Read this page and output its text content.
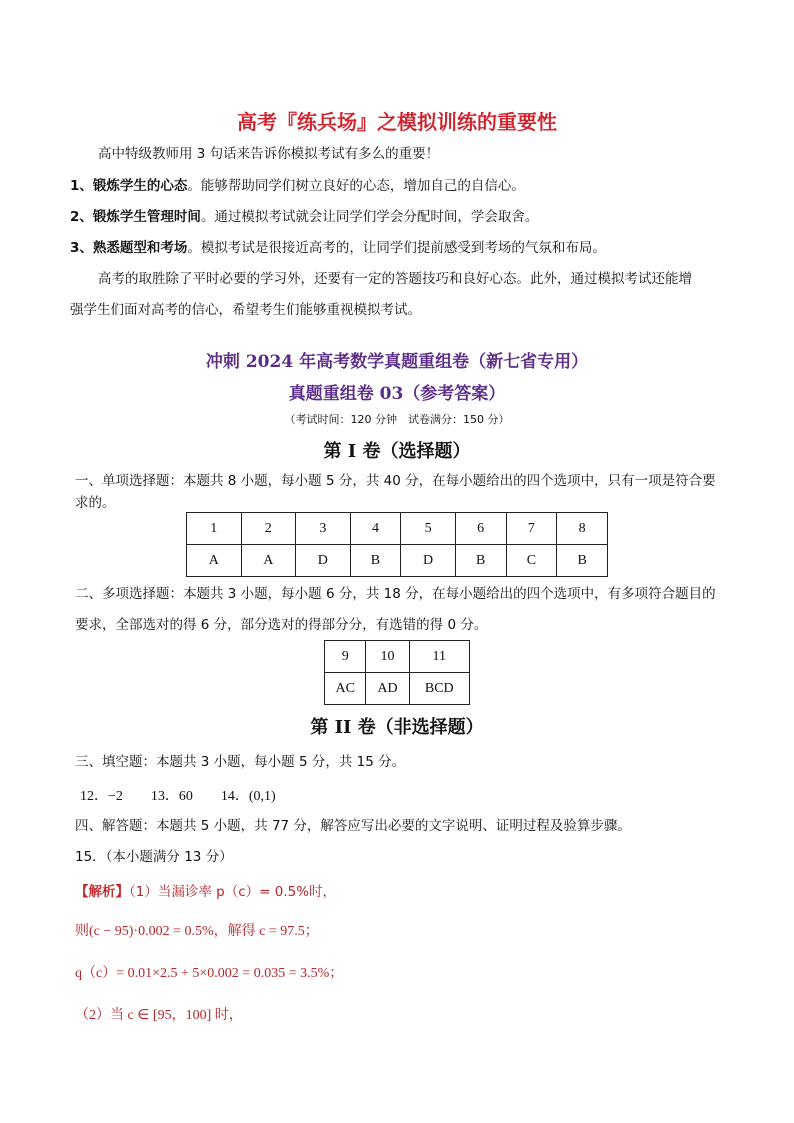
高考『练兵场』之模拟训练的重要性
高中特级教师用 3 句话来告诉你模拟考试有多么的重要！
1、锻炼学生的心态。能够帮助同学们树立良好的心态，增加自己的自信心。
2、锻炼学生管理时间。通过模拟考试就会让同学们学会分配时间，学会取舍。
3、熟悉题型和考场。模拟考试是很接近高考的，让同学们提前感受到考场的气氛和布局。
高考的取胜除了平时必要的学习外，还要有一定的答题技巧和良好心态。此外，通过模拟考试还能增
强学生们面对高考的信心，希望考生们能够重视模拟考试。
冲刺 2024 年高考数学真题重组卷（新七省专用）
真题重组卷 03（参考答案）
（考试时间：120 分钟　试卷满分：150 分）
第 I 卷（选择题）
一、单项选择题：本题共 8 小题，每小题 5 分，共 40 分，在每小题给出的四个选项中，只有一项是符合要
求的。
1	2	3	4	5	6	7	8
A	A	D	B	D	B	C	B
二、多项选择题：本题共 3 小题，每小题 6 分，共 18 分，在每小题给出的四个选项中，有多项符合题目的
要求，全部选对的得 6 分，部分选对的得部分分，有选错的得 0 分。
9	10	11
AC	AD	BCD
第 II 卷（非选择题）
三、填空题：本题共 3 小题，每小题 5 分，共 15 分。
12．−2　　13．60　　14．(0,1)
四、解答题：本题共 5 小题，共 77 分，解答应写出必要的文字说明、证明过程及验算步骤。
15．（本小题满分 13 分）
【解析】（1）当漏诊率 p（c）= 0.5%时，
则(c − 95)·0.002 = 0.5%，解得 c = 97.5；
q（c）= 0.01×2.5 + 5×0.002 = 0.035 = 3.5%；
（2）当 c ∈ [95，100] 时，
